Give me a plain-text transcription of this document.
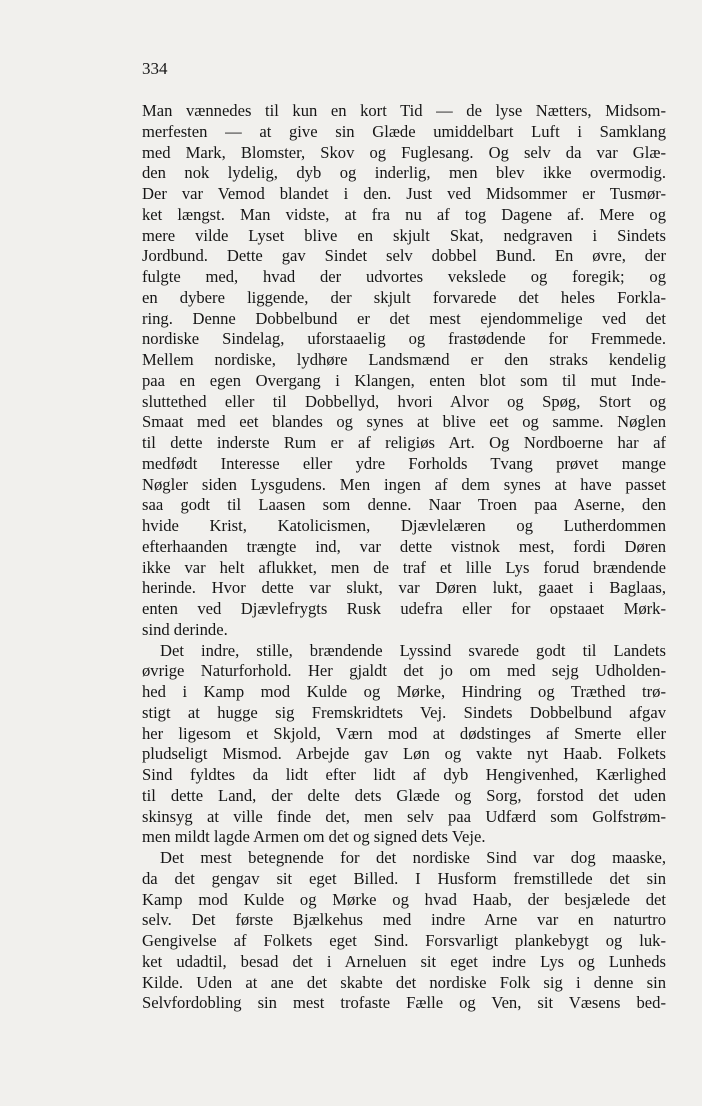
334
Man vænnedes til kun en kort Tid — de lyse Nætters, Midsom-
merfesten — at give sin Glæde umiddelbart Luft i Samklang
med Mark, Blomster, Skov og Fuglesang. Og selv da var Glæ-
den nok lydelig, dyb og inderlig, men blev ikke overmodig.
Der var Vemod blandet i den. Just ved Midsommer er Tusmør-
ket længst. Man vidste, at fra nu af tog Dagene af. Mere og
mere vilde Lyset blive en skjult Skat, nedgraven i Sindets
Jordbund. Dette gav Sindet selv dobbel Bund. En øvre, der
fulgte med, hvad der udvortes vekslede og foregik; og
en dybere liggende, der skjult forvarede det heles Forkla-
ring. Denne Dobbelbund er det mest ejendommelige ved det
nordiske Sindelag, uforstaaelig og frastødende for Fremmede.
Mellem nordiske, lydhøre Landsmænd er den straks kendelig
paa en egen Overgang i Klangen, enten blot som til mut Inde-
sluttethed eller til Dobbellyd, hvori Alvor og Spøg, Stort og
Smaat med eet blandes og synes at blive eet og samme. Nøglen
til dette inderste Rum er af religiøs Art. Og Nordboerne har af
medfødt Interesse eller ydre Forholds Tvang prøvet mange
Nøgler siden Lysgudens. Men ingen af dem synes at have passet
saa godt til Laasen som denne. Naar Troen paa Aserne, den
hvide Krist, Katolicismen, Djævlelæren og Lutherdommen
efterhaanden trængte ind, var dette vistnok mest, fordi Døren
ikke var helt aflukket, men de traf et lille Lys forud brændende
herinde. Hvor dette var slukt, var Døren lukt, gaaet i Baglaas,
enten ved Djævlefrygts Rusk udefra eller for opstaaet Mørk-
sind derinde.
Det indre, stille, brændende Lyssind svarede godt til Landets
øvrige Naturforhold. Her gjaldt det jo om med sejg Udholden-
hed i Kamp mod Kulde og Mørke, Hindring og Træthed trø-
stigt at hugge sig Fremskridtets Vej. Sindets Dobbelbund afgav
her ligesom et Skjold, Værn mod at dødstinges af Smerte eller
pludseligt Mismod. Arbejde gav Løn og vakte nyt Haab. Folkets
Sind fyldtes da lidt efter lidt af dyb Hengivenhed, Kærlighed
til dette Land, der delte dets Glæde og Sorg, forstod det uden
skinsyg at ville finde det, men selv paa Udfærd som Golfstrøm-
men mildt lagde Armen om det og signed dets Veje.
Det mest betegnende for det nordiske Sind var dog maaske,
da det gengav sit eget Billed. I Husform fremstillede det sin
Kamp mod Kulde og Mørke og hvad Haab, der besjælede det
selv. Det første Bjælkehus med indre Arne var en naturtro
Gengivelse af Folkets eget Sind. Forsvarligt plankebygt og luk-
ket udadtil, besad det i Arneluen sit eget indre Lys og Lunheds
Kilde. Uden at ane det skabte det nordiske Folk sig i denne sin
Selvfordobling sin mest trofaste Fælle og Ven, sit Væsens bed-
